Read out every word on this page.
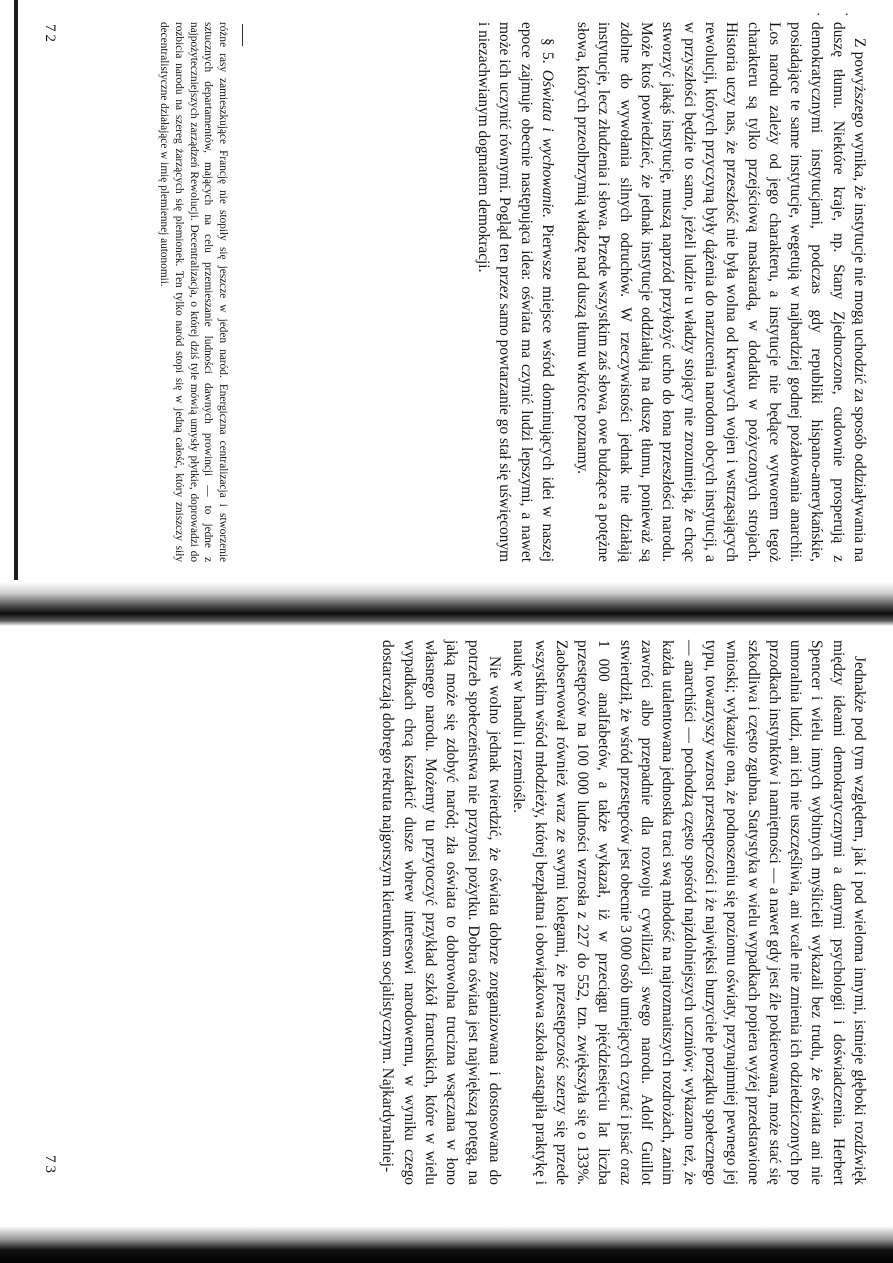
· ·

Z powyższego wynika, że instytucje nie mogą uchodzić za sposób oddziaływania na duszę tłumu. Niektóre kraje, np. Stany Zjednoczone, cudownie prosperują z demokratycznymi instytucjami, podczas gdy republiki hispano-amerykańskie, posiadające te same instytucje, wegetują w najbardziej godnej pożałowania anarchii. Los narodu zależy od jego charakteru, a instytucje nie będące wytworem tegoż charakteru są tylko przejściową maskaradą, w dodatku w pożyczonych strojach. Historia uczy nas, że przeszłość nie była wolna od krwawych wojen i wstrząsających rewolucji, których przyczyną były dążenia do narzucenia narodom obcych instytucji, a w przyszłości będzie to samo, jeżeli ludzie u władzy stojący nie zrozumieją, że chcąc stworzyć jakąś instytucję, muszą naprzód przyłożyć ucho do łona przeszłości narodu. Może ktoś powiedzieć, że jednak instytucje oddziałują na duszę tłumu, ponieważ są zdolne do wywołania silnych odruchów. W rzeczywistości jednak nie działają instytucje, lecz złudzenia i słowa. Przede wszystkim zaś słowa, owe budzące a potężne słowa, których przeolbrzymią władzę nad duszą tłumu wkrótce poznamy.

§ 5. Oświata i wychowanie. Pierwsze miejsce wśród dominujących idei w naszej epoce zajmuje obecnie następująca idea: oświata ma czynić ludzi lepszymi, a nawet może ich uczynić równymi. Pogląd ten przez samo powtarzanie go stał się uświęconym i niezachwianym dogmatem demokracji.

różne rasy zamieszkujące Francję nie stopiły się jeszcze w jeden naród. Energiczna centralizacja i stworzenie sztucznych departamentów, mających na celu przemieszanie ludności dawnych prowincji — to jedne z najpożyteczniejszych zarządzeń Rewolucji. Decentralizacja, o której dziś tyle mówią umysły płytkie, doprowadzi do rozbicia narodu na szereg żarzących się plemionek. Ten tylko naród stopi się w jedną całość, który zniszczy siły decentralistyczne działające w imię plemiennej autonomii.

72

Jednakże pod tym względem, jak i pod wieloma innymi, istnieje głęboki rozdźwięk między ideami demokratycznymi a danymi psychologii i doświadczenia. Herbert Spencer i wielu innych wybitnych myślicieli wykazali bez trudu, że oświata ani nie umoralnia ludzi, ani ich nie uszczęśliwia, ani wcale nie zmienia ich odziedziczonych po przodkach instynktów i namiętności — a nawet gdy jest źle pokierowana, może stać się szkodliwa i często zgubna. Statystyka w wielu wypadkach popiera wyżej przedstawione wnioski; wykazuje ona, że podnoszeniu się poziomu oświaty, przynajmniej pewnego jej typu, towarzyszy wzrost przestępczości i że najwięksi burzyciele porządku społecznego — anarchiści — pochodzą często spośród najzdolniejszych uczniów; wykazano też, że każda utalentowana jednostka traci swą młodość na najrozmaitszych rozdrożach, zanim zawróci albo przepadnie dla rozwoju cywilizacji swego narodu. Adolf Guillot stwierdził, że wśród przestępców jest obecnie 3 000 osób umiejących czytać i pisać oraz 1 000 analfabetów, a także wykazał, iż w przeciągu pięćdziesięciu lat liczba przestępców na 100 000 ludności wzrosła z 227 do 552, tzn. zwiększyła się o 133%. Zaobserwował również wraz ze swymi kolegami, że przestępczość szerzy się przede wszystkim wśród młodzieży, której bezpłatna i obowiązkowa szkoła zastąpiła praktykę i naukę w handlu i rzemiośle.

Nie wolno jednak twierdzić, że oświata dobrze zorganizowana i dostosowana do potrzeb społeczeństwa nie przynosi pożytku. Dobra oświata jest największą potęgą, na jaką może się zdobyć naród; zła oświata to dobrowolna trucizna wsączana w łono własnego narodu. Możemy tu przytoczyć przykład szkół francuskich, które w wielu wypadkach chcą kształcić dusze wbrew interesowi narodowemu, w wyniku czego dostarczają dobrego rekruta najgorszym kierunkom socjalistycznym. Najkardynalniej-

73
